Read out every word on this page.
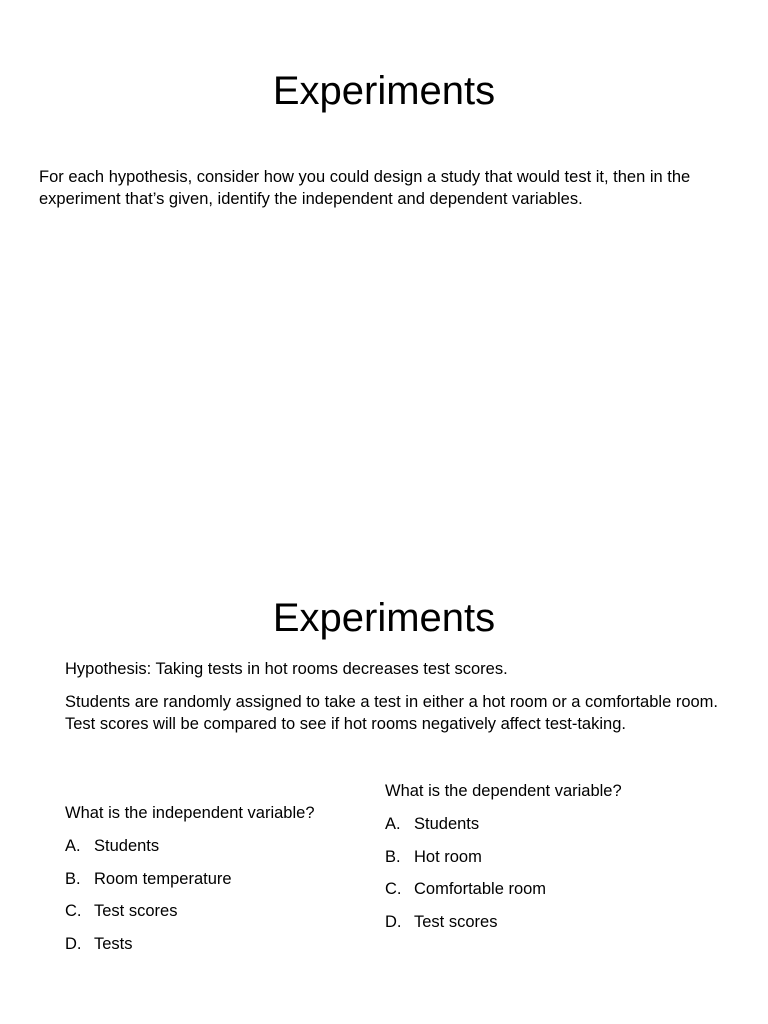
Experiments

For each hypothesis, consider how you could design a study that would test it, then in the experiment that’s given, identify the independent and dependent variables.

Experiments

Hypothesis: Taking tests in hot rooms decreases test scores.

Students are randomly assigned to take a test in either a hot room or a comfortable room. Test scores will be compared to see if hot rooms negatively affect test-taking.

What is the independent variable?

A. Students
B. Room temperature
C. Test scores
D. Tests

What is the dependent variable?

A. Students
B. Hot room
C. Comfortable room
D. Test scores
